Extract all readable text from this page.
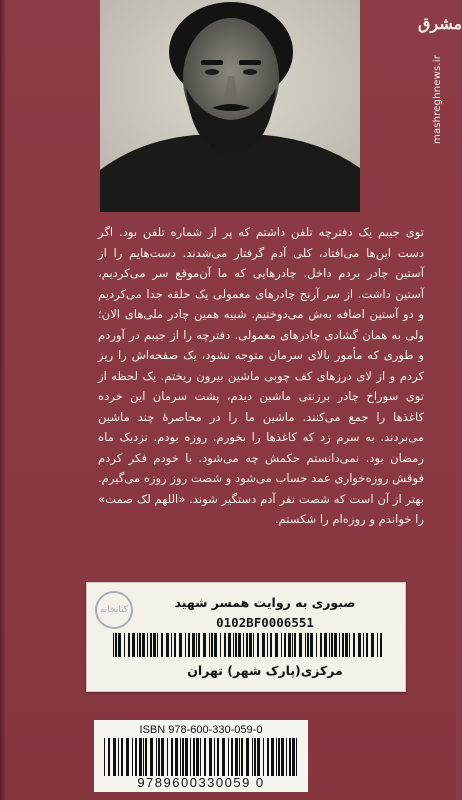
مشرق
mashreghnews.ir

توی جیبم یک دفترچه تلفن داشتم که پر از شماره تلفن بود. اگر دست این‌ها می‌افتاد، کلی آدم گرفتار می‌شدند. دست‌هایم را از آستین چادر بردم داخل. چادرهایی که ما آن‌موقع سر می‌کردیم، آستین داشت. از سر آرنج چادرهای معمولی یک حلقه جدا می‌کردیم و دو آستین اضافه به‌ش می‌دوختیم. شبیه همین چادر ملی‌های الان؛ ولی به همان گشادی چادرهای معمولی. دفترچه را از جیبم در آوردم و طوری که مأمور بالای سرمان متوجه نشود، یک صفحه‌اش را ریز کردم و از لای درزهای کف چوبی ماشین بیرون ریختم. یک لحظه از توی سوراخ چادر برزنتی ماشین دیدم، پشت سرمان این خرده کاغذها را جمع می‌کنند. ماشین ما را در محاصرهٔ چند ماشین می‌بردند. به سرم زد که کاغذها را بخورم. روزه بودم. نزدیک ماه رمضان بود. نمی‌دانستم حکمش چه می‌شود. با خودم فکر کردم فوقش روزه‌خواری عمد حساب می‌شود و شصت روز روزه می‌گیرم. بهتر از آن است که شصت نفر آدم دستگیر شوند. «اللهم لک صمت» را خواندم و روزه‌ام را شکستم.

کتابخانه	صبوری به روایت همسر شهید
0102BF0006551
مرکزی(پارک شهر) تهران
ISBN 978-600-330-059-0
9789600330059 0
